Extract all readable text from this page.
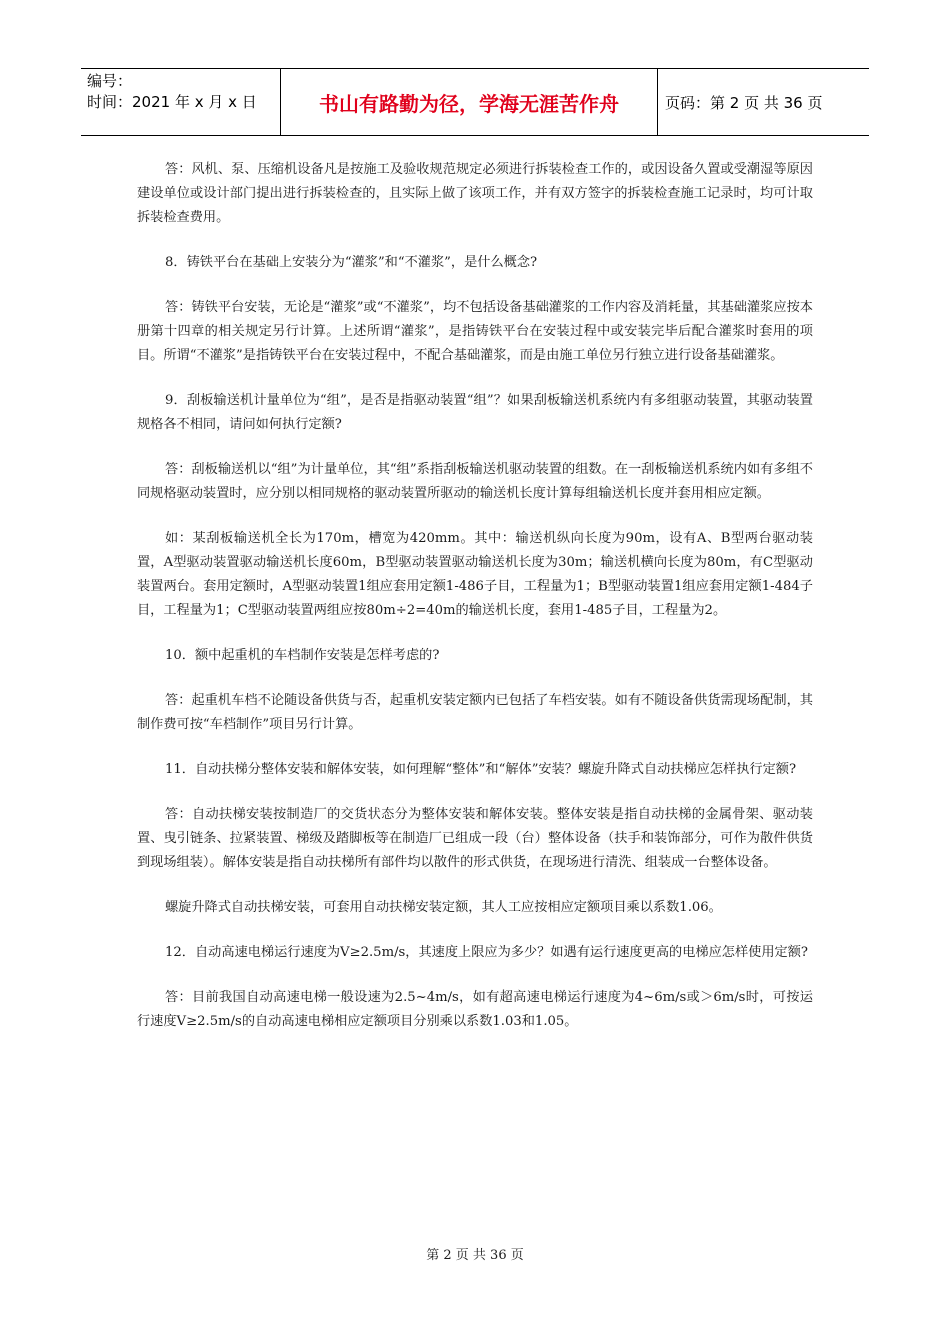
编号：
时间：2021 年 x 月 x 日	书山有路勤为径，学海无涯苦作舟	页码：第 2 页 共 36 页

答：风机、泵、压缩机设备凡是按施工及验收规范规定必须进行拆装检查工作的，或因设备久置或受潮湿等原因建设单位或设计部门提出进行拆装检查的，且实际上做了该项工作，并有双方签字的拆装检查施工记录时，均可计取拆装检查费用。

8．铸铁平台在基础上安装分为“灌浆”和“不灌浆”，是什么概念?

答：铸铁平台安装，无论是“灌浆”或“不灌浆”，均不包括设备基础灌浆的工作内容及消耗量，其基础灌浆应按本册第十四章的相关规定另行计算。上述所谓“灌浆”，是指铸铁平台在安装过程中或安装完毕后配合灌浆时套用的项目。所谓“不灌浆”是指铸铁平台在安装过程中，不配合基础灌浆，而是由施工单位另行独立进行设备基础灌浆。

9．刮板输送机计量单位为“组”，是否是指驱动装置“组”？如果刮板输送机系统内有多组驱动装置，其驱动装置规格各不相同，请问如何执行定额?

答：刮板输送机以“组”为计量单位，其“组”系指刮板输送机驱动装置的组数。在一刮板输送机系统内如有多组不同规格驱动装置时，应分别以相同规格的驱动装置所驱动的输送机长度计算每组输送机长度并套用相应定额。

如：某刮板输送机全长为170m，槽宽为420mm。其中：输送机纵向长度为90m，设有A、B型两台驱动装置，A型驱动装置驱动输送机长度60m，B型驱动装置驱动输送机长度为30m；输送机横向长度为80m，有C型驱动装置两台。套用定额时，A型驱动装置1组应套用定额1-486子目，工程量为1；B型驱动装置1组应套用定额1-484子目，工程量为1；C型驱动装置两组应按80m÷2=40m的输送机长度，套用1-485子目，工程量为2。

10．额中起重机的车档制作安装是怎样考虑的?

答：起重机车档不论随设备供货与否，起重机安装定额内已包括了车档安装。如有不随设备供货需现场配制，其制作费可按“车档制作”项目另行计算。

11．自动扶梯分整体安装和解体安装，如何理解“整体”和“解体”安装？螺旋升降式自动扶梯应怎样执行定额?

答：自动扶梯安装按制造厂的交货状态分为整体安装和解体安装。整体安装是指自动扶梯的金属骨架、驱动装置、曳引链条、拉紧装置、梯级及踏脚板等在制造厂已组成一段（台）整体设备（扶手和装饰部分，可作为散件供货到现场组装）。解体安装是指自动扶梯所有部件均以散件的形式供货，在现场进行清洗、组装成一台整体设备。

螺旋升降式自动扶梯安装，可套用自动扶梯安装定额，其人工应按相应定额项目乘以系数1.06。

12．自动高速电梯运行速度为V≥2.5m/s，其速度上限应为多少？如遇有运行速度更高的电梯应怎样使用定额?

答：目前我国自动高速电梯一般设速为2.5~4m/s，如有超高速电梯运行速度为4~6m/s或＞6m/s时，可按运行速度V≥2.5m/s的自动高速电梯相应定额项目分别乘以系数1.03和1.05。

第 2 页 共 36 页
